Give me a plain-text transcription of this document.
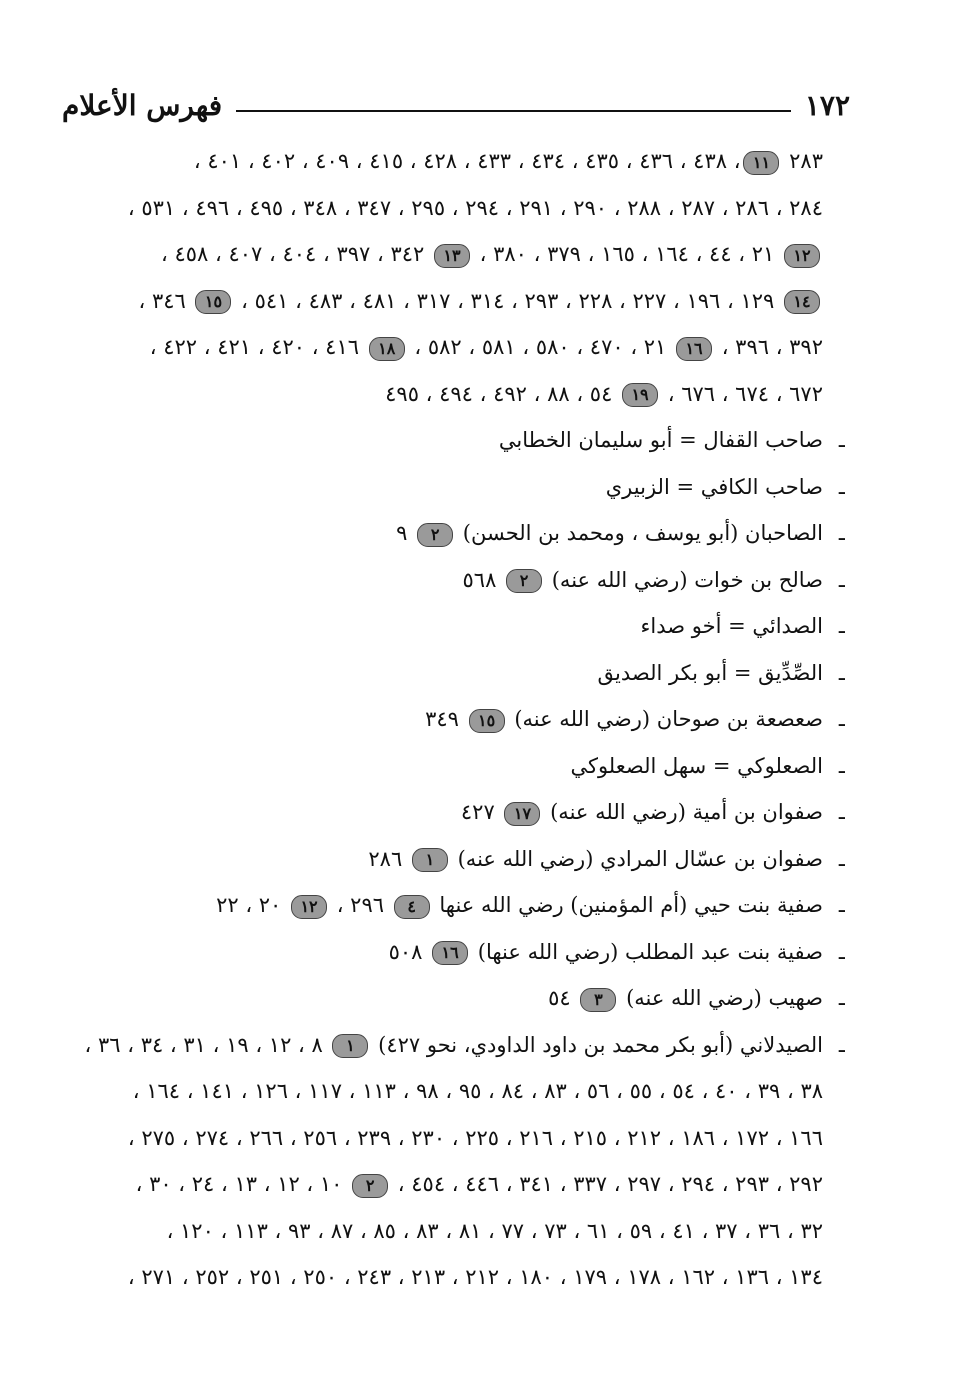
١٧٢
فهرس الأعلام
٢٨٣ ١١، ٤٣٨ ، ٤٣٦ ، ٤٣٥ ، ٤٣٤ ، ٤٣٣ ، ٤٢٨ ، ٤١٥ ، ٤٠٩ ، ٤٠٢ ، ٤٠١ ،
٢٨٤ ، ٢٨٦ ، ٢٨٧ ، ٢٨٨ ، ٢٩٠ ، ٢٩١ ، ٢٩٤ ، ٢٩٥ ، ٣٤٧ ، ٣٤٨ ، ٤٩٥ ، ٤٩٦ ، ٥٣١ ،
١٢ ٢١ ، ٤٤ ، ١٦٤ ، ١٦٥ ، ٣٧٩ ، ٣٨٠ ، ١٣ ٣٤٢ ، ٣٩٧ ، ٤٠٤ ، ٤٠٧ ، ٤٥٨ ،
١٤ ١٢٩ ، ١٩٦ ، ٢٢٧ ، ٢٢٨ ، ٢٩٣ ، ٣١٤ ، ٣١٧ ، ٤٨١ ، ٤٨٣ ، ٥٤١ ، ١٥ ٣٤٦ ،
٣٩٢ ، ٣٩٦ ، ١٦ ٢١ ، ٤٧٠ ، ٥٨٠ ، ٥٨١ ، ٥٨٢ ، ١٨ ٤١٦ ، ٤٢٠ ، ٤٢١ ، ٤٢٢ ،
٦٧٢ ، ٦٧٤ ، ٦٧٦ ، ١٩ ٥٤ ، ٨٨ ، ٤٩٢ ، ٤٩٤ ، ٤٩٥
ـ
صاحب القفال = أبو سليمان الخطابي
ـ
صاحب الكافي = الزبيري
ـ
الصاحبان (أبو يوسف ، ومحمد بن الحسن) ٢ ٩
ـ
صالح بن خوات (رضي الله عنه) ٢ ٥٦٨
ـ
الصدائي = أخو صداء
ـ
الصِّدِّيق = أبو بكر الصديق
ـ
صعصعة بن صوحان (رضي الله عنه) ١٥ ٣٤٩
ـ
الصعلوكي = سهل الصعلوكي
ـ
صفوان بن أمية (رضي الله عنه) ١٧ ٤٢٧
ـ
صفوان بن عسّال المرادي (رضي الله عنه) ١ ٢٨٦
ـ
صفية بنت حيي (أم المؤمنين) رضي الله عنها ٤ ٢٩٦ ، ١٢ ٢٠ ، ٢٢
ـ
صفية بنت عبد المطلب (رضي الله عنها) ١٦ ٥٠٨
ـ
صهيب (رضي الله عنه) ٣ ٥٤
ـ
الصيدلاني (أبو بكر محمد بن داود الداودي، نحو ٤٢٧) ١ ٨ ، ١٢ ، ١٩ ، ٣١ ، ٣٤ ، ٣٦ ،
٣٨ ، ٣٩ ، ٤٠ ، ٥٤ ، ٥٥ ، ٥٦ ، ٨٣ ، ٨٤ ، ٩٥ ، ٩٨ ، ١١٣ ، ١١٧ ، ١٢٦ ، ١٤١ ، ١٦٤ ،
١٦٦ ، ١٧٢ ، ١٨٦ ، ٢١٢ ، ٢١٥ ، ٢١٦ ، ٢٢٥ ، ٢٣٠ ، ٢٣٩ ، ٢٥٦ ، ٢٦٦ ، ٢٧٤ ، ٢٧٥ ،
٢٩٢ ، ٢٩٣ ، ٢٩٤ ، ٢٩٧ ، ٣٣٧ ، ٣٤١ ، ٤٤٦ ، ٤٥٤ ، ٢ ١٠ ، ١٢ ، ١٣ ، ٢٤ ، ٣٠ ،
٣٢ ، ٣٦ ، ٣٧ ، ٤١ ، ٥٩ ، ٦١ ، ٧٣ ، ٧٧ ، ٨١ ، ٨٣ ، ٨٥ ، ٨٧ ، ٩٣ ، ١١٣ ، ١٢٠ ،
١٣٤ ، ١٣٦ ، ١٦٢ ، ١٧٨ ، ١٧٩ ، ١٨٠ ، ٢١٢ ، ٢١٣ ، ٢٤٣ ، ٢٥٠ ، ٢٥١ ، ٢٥٢ ، ٢٧١ ،
